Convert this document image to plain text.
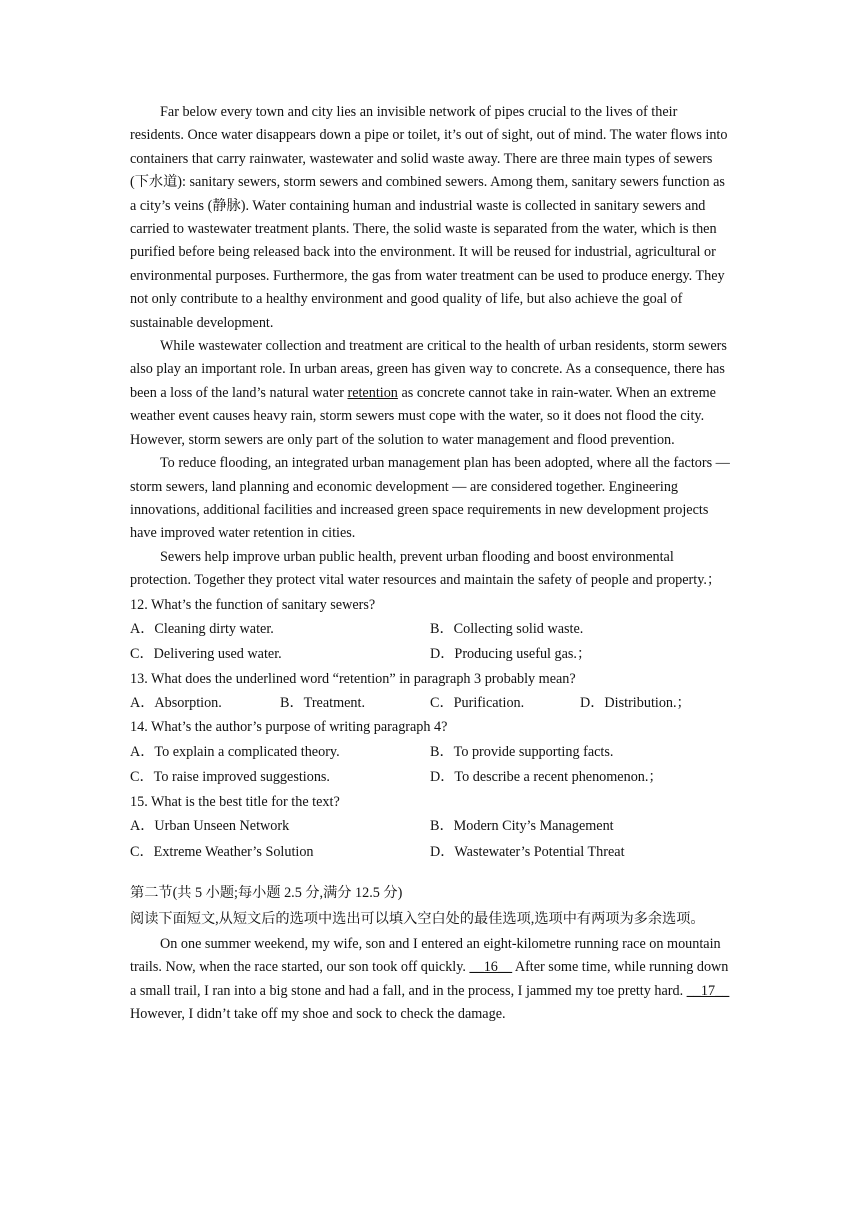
Far below every town and city lies an invisible network of pipes crucial to the lives of their residents. Once water disappears down a pipe or toilet, it’s out of sight, out of mind. The water flows into containers that carry rainwater, wastewater and solid waste away. There are three main types of sewers (下水道): sanitary sewers, storm sewers and combined sewers. Among them, sanitary sewers function as a city’s veins (静脉). Water containing human and industrial waste is collected in sanitary sewers and carried to wastewater treatment plants. There, the solid waste is separated from the water, which is then purified before being released back into the environment. It will be reused for industrial, agricultural or environmental purposes. Furthermore, the gas from water treatment can be used to produce energy. They not only contribute to a healthy environment and good quality of life, but also achieve the goal of sustainable development.

While wastewater collection and treatment are critical to the health of urban residents, storm sewers also play an important role. In urban areas, green has given way to concrete. As a consequence, there has been a loss of the land’s natural water retention as concrete cannot take in rain-water. When an extreme weather event causes heavy rain, storm sewers must cope with the water, so it does not flood the city. However, storm sewers are only part of the solution to water management and flood prevention.

To reduce flooding, an integrated urban management plan has been adopted, where all the factors — storm sewers, land planning and economic development — are considered together. Engineering innovations, additional facilities and increased green space requirements in new development projects have improved water retention in cities.

Sewers help improve urban public health, prevent urban flooding and boost environmental protection. Together they protect vital water resources and maintain the safety of people and property.；

12. What’s the function of sanitary sewers?

A．Cleaning dirty water.	B．Collecting solid waste.
C．Delivering used water.	D．Producing useful gas.；

13. What does the underlined word “retention” in paragraph 3 probably mean?

A．Absorption.	B．Treatment.	C．Purification.	D．Distribution.；

14. What’s the author’s purpose of writing paragraph 4?

A．To explain a complicated theory.	B．To provide supporting facts.
C．To raise improved suggestions.	D．To describe a recent phenomenon.；

15. What is the best title for the text?

A．Urban Unseen Network	B．Modern City’s Management
C．Extreme Weather’s Solution	D．Wastewater’s Potential Threat

第二节(共 5 小题;每小题 2.5 分,满分 12.5 分)

阅读下面短文,从短文后的选项中选出可以填入空白处的最佳选项,选项中有两项为多余选项。

On one summer weekend, my wife, son and I entered an eight-kilometre running race on mountain trails. Now, when the race started, our son took off quickly. __16__ After some time, while running down a small trail, I ran into a big stone and had a fall, and in the process, I jammed my toe pretty hard. __17__ However, I didn’t take off my shoe and sock to check the damage.
